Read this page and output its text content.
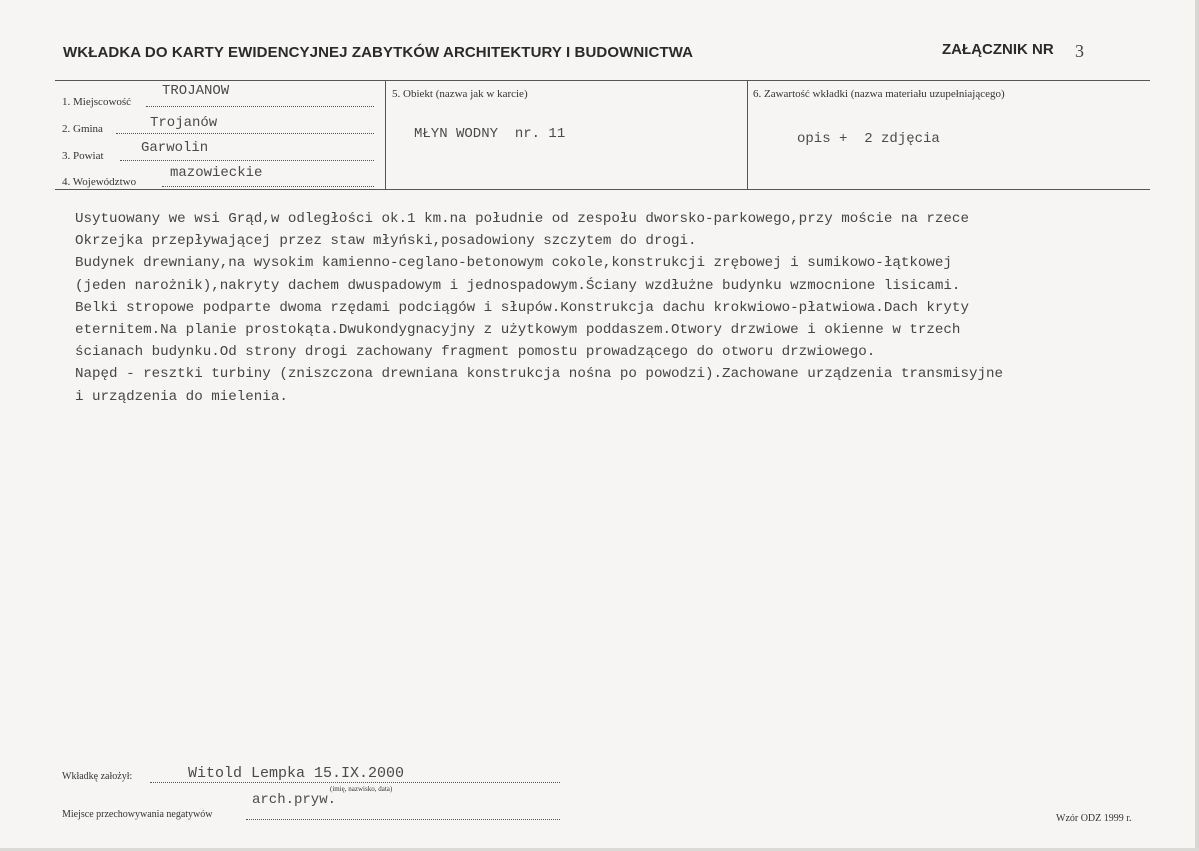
WKŁADKA DO KARTY EWIDENCYJNEJ ZABYTKÓW ARCHITEKTURY I BUDOWNICTWA	ZAŁĄCZNIK NR 3
1. Miejscowość
TROJANOW
2. Gmina	Trojanów
3. Powiat	Garwolin
4. Województwo
mazowieckie
5. Obiekt (nazwa jak w karcie)
MŁYN WODNY  nr. 11
6. Zawartość wkładki (nazwa materiału uzupełniającego)
opis +  2 zdjęcia
Usytuowany we wsi Grąd,w odległości ok.1 km.na południe od zespołu dworsko-parkowego,przy moście na rzece
Okrzejka przepływającej przez staw młyński,posadowiony szczytem do drogi.
Budynek drewniany,na wysokim kamienno-ceglano-betonowym cokole,konstrukcji zrębowej i sumikowo-łątkowej
(jeden narożnik),nakryty dachem dwuspadowym i jednospadowym.Ściany wzdłużne budynku wzmocnione lisicami.
Belki stropowe podparte dwoma rzędami podciągów i słupów.Konstrukcja dachu krokwiowo-płatwiowa.Dach kryty
eternitem.Na planie prostokąta.Dwukondygnacyjny z użytkowym poddaszem.Otwory drzwiowe i okienne w trzech
ścianach budynku.Od strony drogi zachowany fragment pomostu prowadzącego do otworu drzwiowego.
Napęd - resztki turbiny (zniszczona drewniana konstrukcja nośna po powodzi).Zachowane urządzenia transmisyjne
i urządzenia do mielenia.
Wkładkę założył:	Witold Lempka 15.IX.2000
(imię, nazwisko, data)
Miejsce przechowywania negatywów
arch.pryw.
Wzór ODZ 1999 r.
